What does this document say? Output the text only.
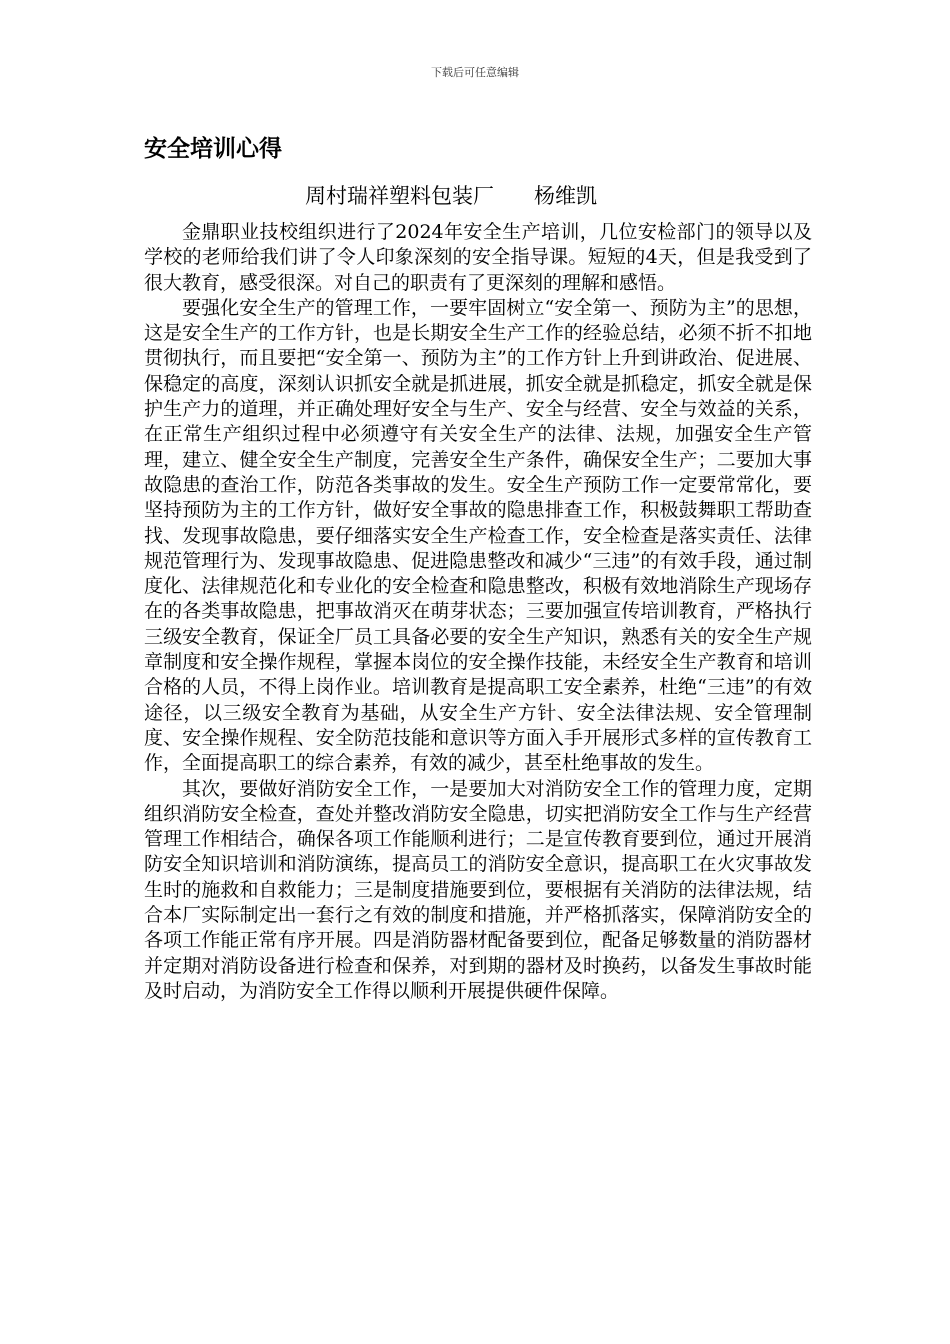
下载后可任意编辑
安全培训心得
周村瑞祥塑料包装厂      杨维凯

金鼎职业技校组织进行了2024年安全生产培训，几位安检部门的领导以及学校的老师给我们讲了令人印象深刻的安全指导课。短短的4天，但是我受到了很大教育，感受很深。对自己的职责有了更深刻的理解和感悟。

要强化安全生产的管理工作，一要牢固树立“安全第一、预防为主”的思想，这是安全生产的工作方针，也是长期安全生产工作的经验总结，必须不折不扣地贯彻执行，而且要把“安全第一、预防为主”的工作方针上升到讲政治、促进展、保稳定的高度，深刻认识抓安全就是抓进展，抓安全就是抓稳定，抓安全就是保护生产力的道理，并正确处理好安全与生产、安全与经营、安全与效益的关系，在正常生产组织过程中必须遵守有关安全生产的法律、法规，加强安全生产管理，建立、健全安全生产制度，完善安全生产条件，确保安全生产；二要加大事故隐患的查治工作，防范各类事故的发生。安全生产预防工作一定要常常化，要坚持预防为主的工作方针，做好安全事故的隐患排查工作，积极鼓舞职工帮助查找、发现事故隐患，要仔细落实安全生产检查工作，安全检查是落实责任、法律规范管理行为、发现事故隐患、促进隐患整改和减少“三违”的有效手段，通过制度化、法律规范化和专业化的安全检查和隐患整改，积极有效地消除生产现场存在的各类事故隐患，把事故消灭在萌芽状态；三要加强宣传培训教育，严格执行三级安全教育，保证全厂员工具备必要的安全生产知识，熟悉有关的安全生产规章制度和安全操作规程，掌握本岗位的安全操作技能，未经安全生产教育和培训合格的人员，不得上岗作业。培训教育是提高职工安全素养，杜绝“三违”的有效途径，以三级安全教育为基础，从安全生产方针、安全法律法规、安全管理制度、安全操作规程、安全防范技能和意识等方面入手开展形式多样的宣传教育工作，全面提高职工的综合素养，有效的减少，甚至杜绝事故的发生。

其次，要做好消防安全工作，一是要加大对消防安全工作的管理力度，定期组织消防安全检查，查处并整改消防安全隐患，切实把消防安全工作与生产经营管理工作相结合，确保各项工作能顺利进行；二是宣传教育要到位，通过开展消防安全知识培训和消防演练，提高员工的消防安全意识，提高职工在火灾事故发生时的施救和自救能力；三是制度措施要到位，要根据有关消防的法律法规，结合本厂实际制定出一套行之有效的制度和措施，并严格抓落实，保障消防安全的各项工作能正常有序开展。四是消防器材配备要到位，配备足够数量的消防器材并定期对消防设备进行检查和保养，对到期的器材及时换药，以备发生事故时能及时启动，为消防安全工作得以顺利开展提供硬件保障。
